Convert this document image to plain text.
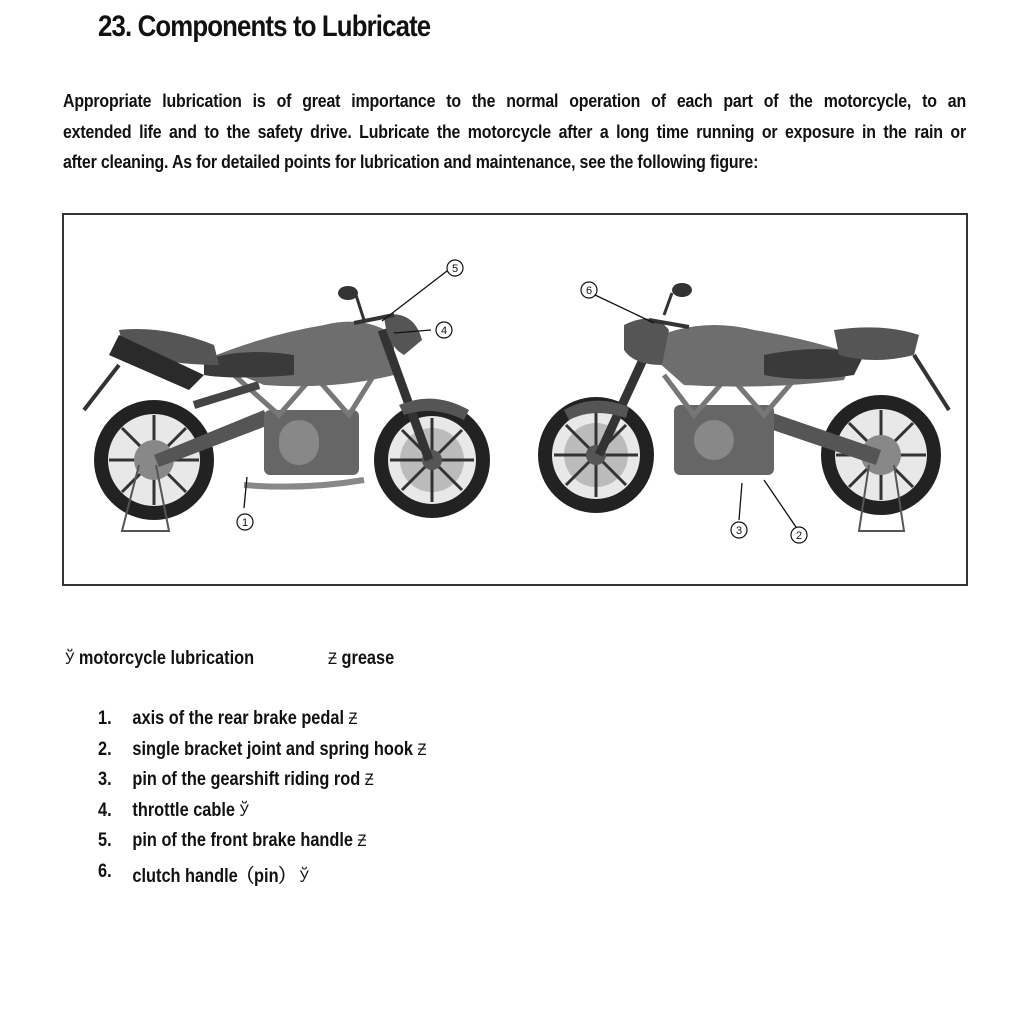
23. Components to Lubricate
Appropriate lubrication is of great importance to the normal operation of each part of the motorcycle, to an
extended life and to the safety drive. Lubricate the motorcycle after a long time running or exposure in the rain or
after cleaning. As for detailed points for lubrication and maintenance, see the following figure:
5
4
1
6
3	2
Ў motorcycle lubrication	Ƶ grease
1. axis of the rear brake pedal Ƶ
2. single bracket joint and spring hook Ƶ
3. pin of the gearshift riding rod Ƶ
4. throttle cable Ў
5. pin of the front brake handle Ƶ
6. clutch handle（pin） Ў
